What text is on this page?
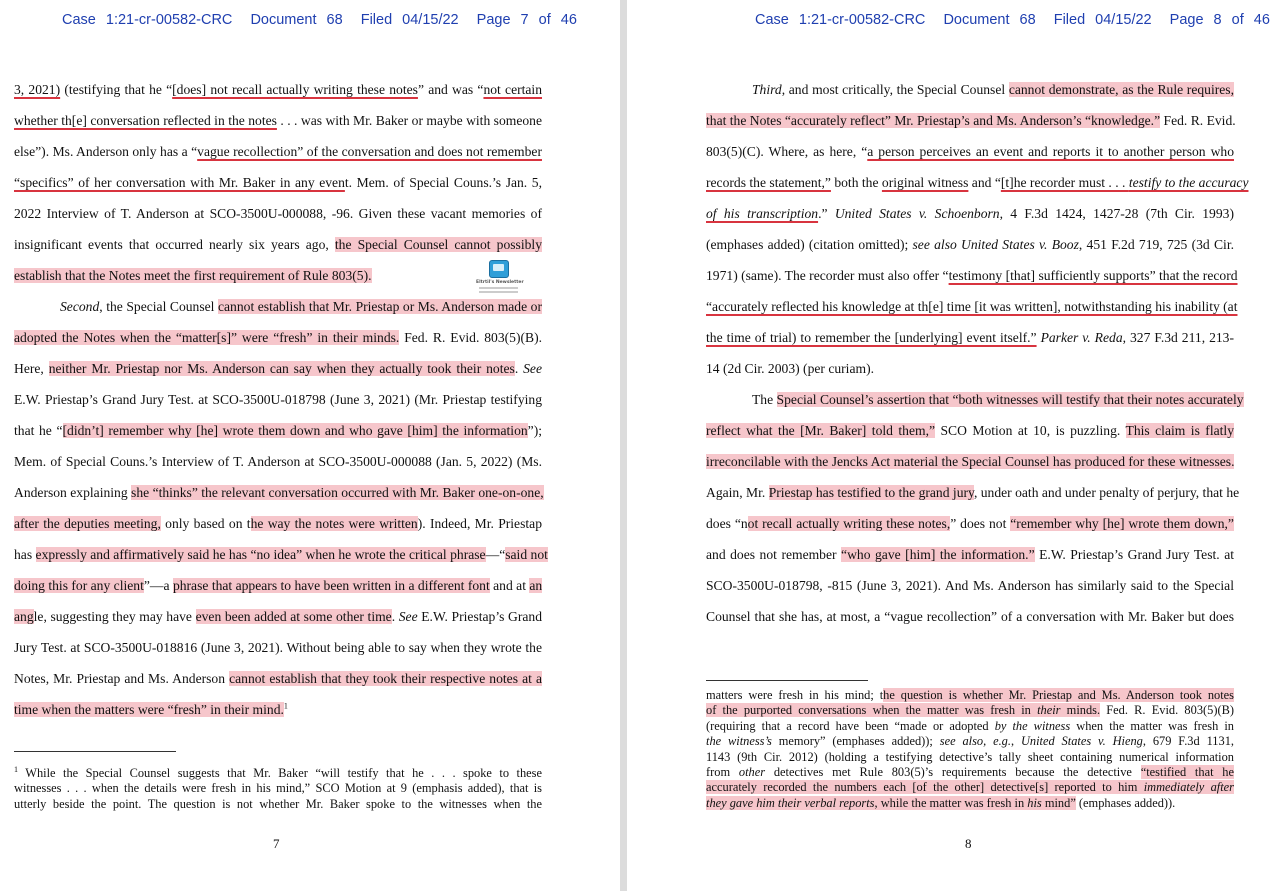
Case 1:21-cr-00582-CRC Document 68 Filed 04/15/22 Page 7 of 46
3, 2021) (testifying that he “[does] not recall actually writing these notes” and was “not certain
whether th[e] conversation reflected in the notes . . . was with Mr. Baker or maybe with someone
else”). Ms. Anderson only has a “vague recollection” of the conversation and does not remember
“specifics” of her conversation with Mr. Baker in any event. Mem. of Special Couns.’s Jan. 5,
2022 Interview of T. Anderson at SCO-3500U-000088, -96. Given these vacant memories of
insignificant events that occurred nearly six years ago, the Special Counsel cannot possibly
establish that the Notes meet the first requirement of Rule 803(5).
Second, the Special Counsel cannot establish that Mr. Priestap or Ms. Anderson made or
adopted the Notes when the “matter[s]” were “fresh” in their minds. Fed. R. Evid. 803(5)(B).
Here, neither Mr. Priestap nor Ms. Anderson can say when they actually took their notes. See
E.W. Priestap’s Grand Jury Test. at SCO-3500U-018798 (June 3, 2021) (Mr. Priestap testifying
that he “[didn’t] remember why [he] wrote them down and who gave [him] the information”);
Mem. of Special Couns.’s Interview of T. Anderson at SCO-3500U-000088 (Jan. 5, 2022) (Ms.
Anderson explaining she “thinks” the relevant conversation occurred with Mr. Baker one-on-one,
after the deputies meeting, only based on the way the notes were written). Indeed, Mr. Priestap
has expressly and affirmatively said he has “no idea” when he wrote the critical phrase—“said not
doing this for any client”—a phrase that appears to have been written in a different font and at an
angle, suggesting they may have even been added at some other time. See E.W. Priestap’s Grand
Jury Test. at SCO-3500U-018816 (June 3, 2021). Without being able to say when they wrote the
Notes, Mr. Priestap and Ms. Anderson cannot establish that they took their respective notes at a
time when the matters were “fresh” in their mind.$^1$
Eltrtil's Newsletter
$^1$ While the Special Counsel suggests that Mr. Baker “will testify that he . . . spoke to these
witnesses . . . when the details were fresh in his mind,” SCO Motion at 9 (emphasis added), that is
utterly beside the point. The question is not whether Mr. Baker spoke to the witnesses when the
7
Case 1:21-cr-00582-CRC Document 68 Filed 04/15/22 Page 8 of 46
Third, and most critically, the Special Counsel cannot demonstrate, as the Rule requires,
that the Notes “accurately reflect” Mr. Priestap’s and Ms. Anderson’s “knowledge.” Fed. R. Evid.
803(5)(C). Where, as here, “a person perceives an event and reports it to another person who
records the statement,” both the original witness and “[t]he recorder must . . . testify to the accuracy
of his transcription.” United States v. Schoenborn, 4 F.3d 1424, 1427-28 (7th Cir. 1993)
(emphases added) (citation omitted); see also United States v. Booz, 451 F.2d 719, 725 (3d Cir.
1971) (same). The recorder must also offer “testimony [that] sufficiently supports” that the record
“accurately reflected his knowledge at th[e] time [it was written], notwithstanding his inability (at
the time of trial) to remember the [underlying] event itself.” Parker v. Reda, 327 F.3d 211, 213-
14 (2d Cir. 2003) (per curiam).
The Special Counsel’s assertion that “both witnesses will testify that their notes accurately
reflect what the [Mr. Baker] told them,” SCO Motion at 10, is puzzling. This claim is flatly
irreconcilable with the Jencks Act material the Special Counsel has produced for these witnesses.
Again, Mr. Priestap has testified to the grand jury, under oath and under penalty of perjury, that he
does “not recall actually writing these notes,” does not “remember why [he] wrote them down,”
and does not remember “who gave [him] the information.” E.W. Priestap’s Grand Jury Test. at
SCO-3500U-018798, -815 (June 3, 2021). And Ms. Anderson has similarly said to the Special
Counsel that she has, at most, a “vague recollection” of a conversation with Mr. Baker but does
matters were fresh in his mind; the question is whether Mr. Priestap and Ms. Anderson took notes
of the purported conversations when the matter was fresh in their minds. Fed. R. Evid. 803(5)(B)
(requiring that a record have been “made or adopted by the witness when the matter was fresh in
the witness’s memory” (emphases added)); see also, e.g., United States v. Hieng, 679 F.3d 1131,
1143 (9th Cir. 2012) (holding a testifying detective’s tally sheet containing numerical information
from other detectives met Rule 803(5)’s requirements because the detective “testified that he
accurately recorded the numbers each [of the other] detective[s] reported to him immediately after
they gave him their verbal reports, while the matter was fresh in his mind” (emphases added)).
8
